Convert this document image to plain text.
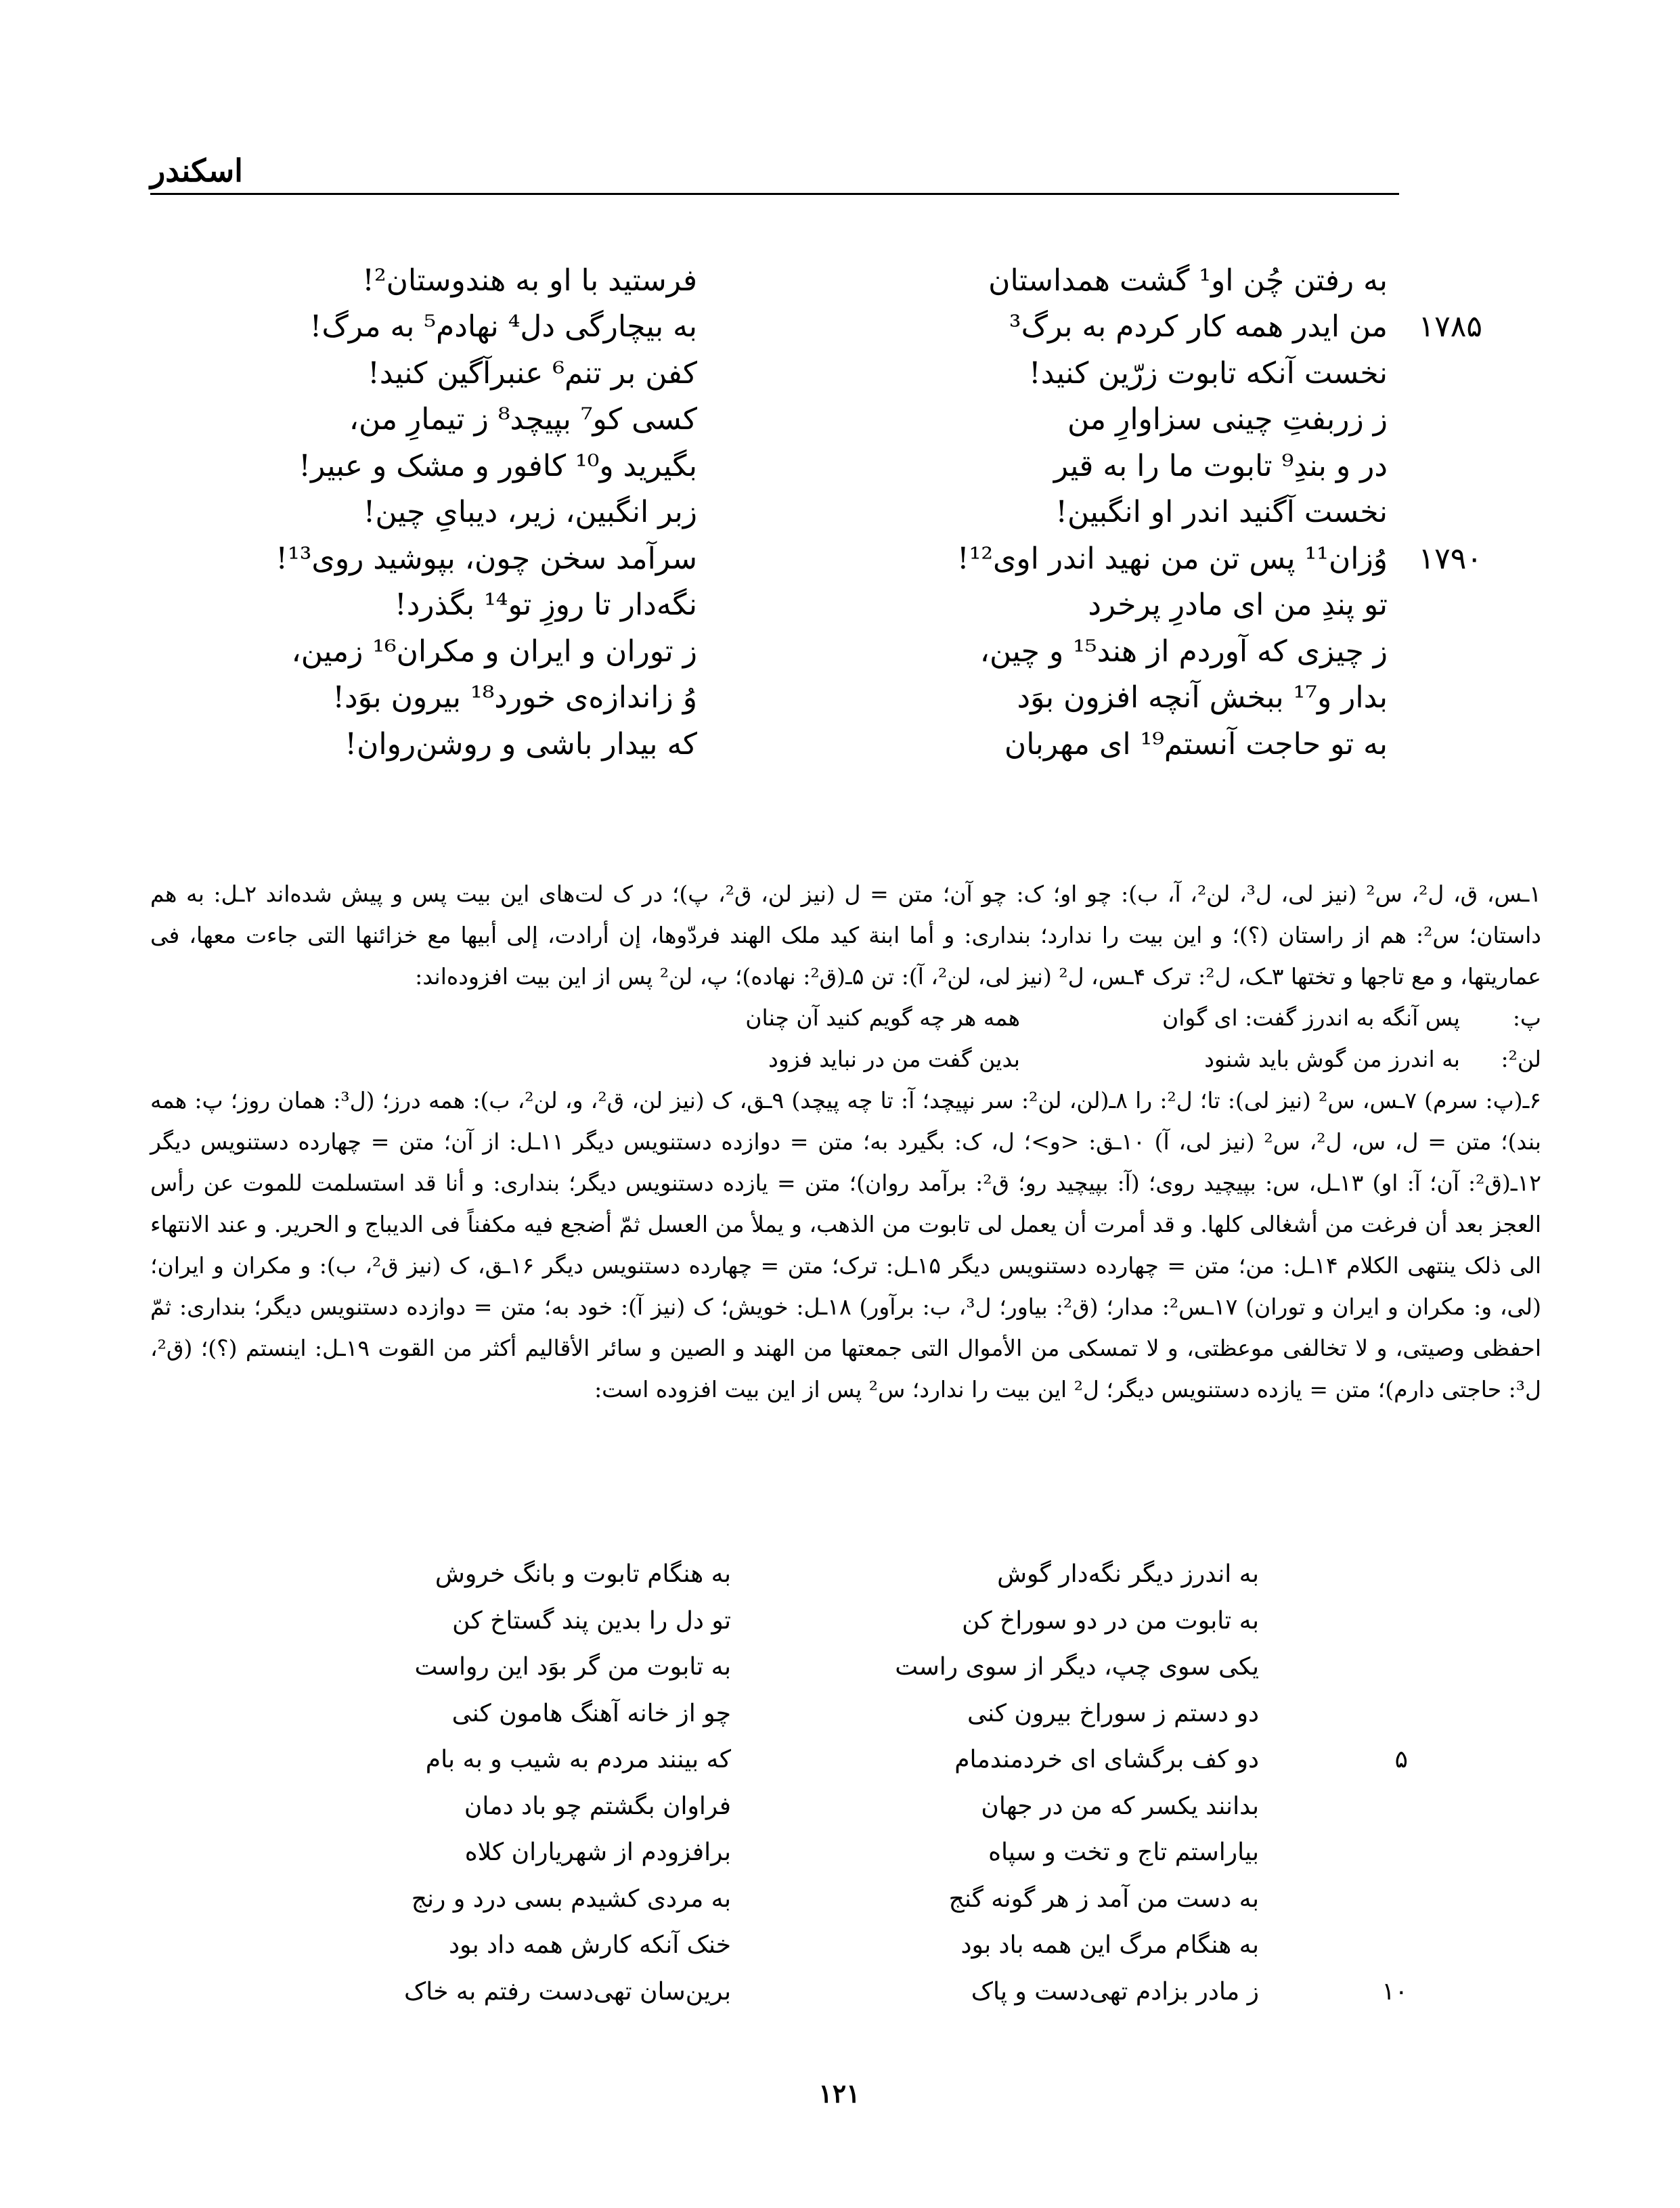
اسکندر
به رفتن چُن او¹ گشت همداستان
فرستید با او به هندوستان²!
۱۷۸۵
من ایدر همه کار کردم به برگ³
به بیچارگی دل⁴ نهادم⁵ به مرگ!
نخست آنکه تابوت زرّین کنید!
کفن بر تنم⁶ عنبرآگین کنید!
ز زربفتِ چینی سزاوارِ من
کسی کو⁷ بپیچد⁸ ز تیمارِ من،
در و بندِ⁹ تابوت ما را به قیر
بگیرید و¹⁰ کافور و مشک و عبیر!
نخست آگنید اندر او انگبین!
زبر انگبین، زیر، دیبایِ چین!
۱۷۹۰
وُزان¹¹ پس تن من نهید اندر اوی¹²!
سرآمد سخن چون، بپوشید روی¹³!
تو پندِ من ای مادرِ پرخرد
نگه‌دار تا روزِ تو¹⁴ بگذرد!
ز چیزی که آوردم از هند¹⁵ و چین،
ز توران و ایران و مکران¹⁶ زمین،
بدار و¹⁷ ببخش آنچه افزون بوَد
وُ زاندازه‌ی خورد¹⁸ بیرون بوَد!
به تو حاجت آنستم¹⁹ ای مهربان
که بیدار باشی و روشن‌روان!

۱ـس، ق، ل²، س² (نیز لی، ل³، لن²، آ، ب): چو او؛ ک: چو آن؛ متن = ل (نیز لن، ق²، پ)؛ در ک لت‌های این بیت پس و پیش شده‌اند ۲ـل: به هم داستان؛ س²: هم از راستان (؟)؛ و این بیت را ندارد؛ بنداری: و أما ابنة کید ملک الهند فردّوها، إن أرادت، إلی أبیها مع خزائنها التی جاءت معها، فی عماریتها، و مع تاجها و تختها ۳ـک، ل²: ترک ۴ـس، ل² (نیز لی، لن²، آ): تن ۵ـ(ق²: نهاده)؛ پ، لن² پس از این بیت افزوده‌اند:

پ:
پس آنگه به اندرز گفت: ای گوان
همه هر چه گویم کنید آن چنان
لن²:
به اندرز من گوش باید شنود
بدین گفت من در نباید فزود

۶ـ(پ: سرم) ۷ـس، س² (نیز لی): تا؛ ل²: را ۸ـ(لن، لن²: سر نپیچد؛ آ: تا چه پیچد) ۹ـق، ک (نیز لن، ق²، و، لن²، ب): همه درز؛ (ل³: همان روز؛ پ: همه بند)؛ متن = ل، س، ل²، س² (نیز لی، آ) ۱۰ـق: <و>؛ ل، ک: بگیرد به؛ متن = دوازده دستنویس دیگر ۱۱ـل: از آن؛ متن = چهارده دستنویس دیگر ۱۲ـ(ق²: آن؛ آ: او) ۱۳ـل، س: بپیچید روی؛ (آ: بپیچید رو؛ ق²: برآمد روان)؛ متن = یازده دستنویس دیگر؛ بنداری: و أنا قد استسلمت للموت عن رأس العجز بعد أن فرغت من أشغالی کلها. و قد أمرت أن یعمل لی تابوت من الذهب، و یملأ من العسل ثمّ أضجع فیه مکفناً فی الدیباج و الحریر. و عند الانتهاء الی ذلک ینتهی الکلام ۱۴ـل: من؛ متن = چهارده دستنویس دیگر ۱۵ـل: ترک؛ متن = چهارده دستنویس دیگر ۱۶ـق، ک (نیز ق²، ب): و مکران و ایران؛ (لی، و: مکران و ایران و توران) ۱۷ـس²: مدار؛ (ق²: بیاور؛ ل³، ب: برآور) ۱۸ـل: خویش؛ ک (نیز آ): خود به؛ متن = دوازده دستنویس دیگر؛ بنداری: ثمّ احفظی وصیتی، و لا تخالفی موعظتی، و لا تمسکی من الأموال التی جمعتها من الهند و الصین و سائر الأقالیم أکثر من القوت ۱۹ـل: اینستم (؟)؛ (ق²، ل³: حاجتی دارم)؛ متن = یازده دستنویس دیگر؛ ل² این بیت را ندارد؛ س² پس از این بیت افزوده است:

به اندرز دیگر نگه‌دار گوش
به هنگام تابوت و بانگ خروش
به تابوت من در دو سوراخ کن
تو دل را بدین پند گستاخ کن
یکی سوی چپ، دیگر از سوی راست
به تابوت من گر بوَد این رواست
دو دستم ز سوراخ بیرون کنی
چو از خانه آهنگ هامون کنی
۵
دو کف برگشای ای خردمندمام
که بینند مردم به شیب و به بام
بدانند یکسر که من در جهان
فراوان بگشتم چو باد دمان
بیاراستم تاج و تخت و سپاه
برافزودم از شهریاران کلاه
به دست من آمد ز هر گونه گنج
به مردی کشیدم بسی درد و رنج
به هنگام مرگ این همه باد بود
خنک آنکه کارش همه داد بود
۱۰
ز مادر بزادم تهی‌دست و پاک
برین‌سان تهی‌دست رفتم به خاک
۱۲۱
